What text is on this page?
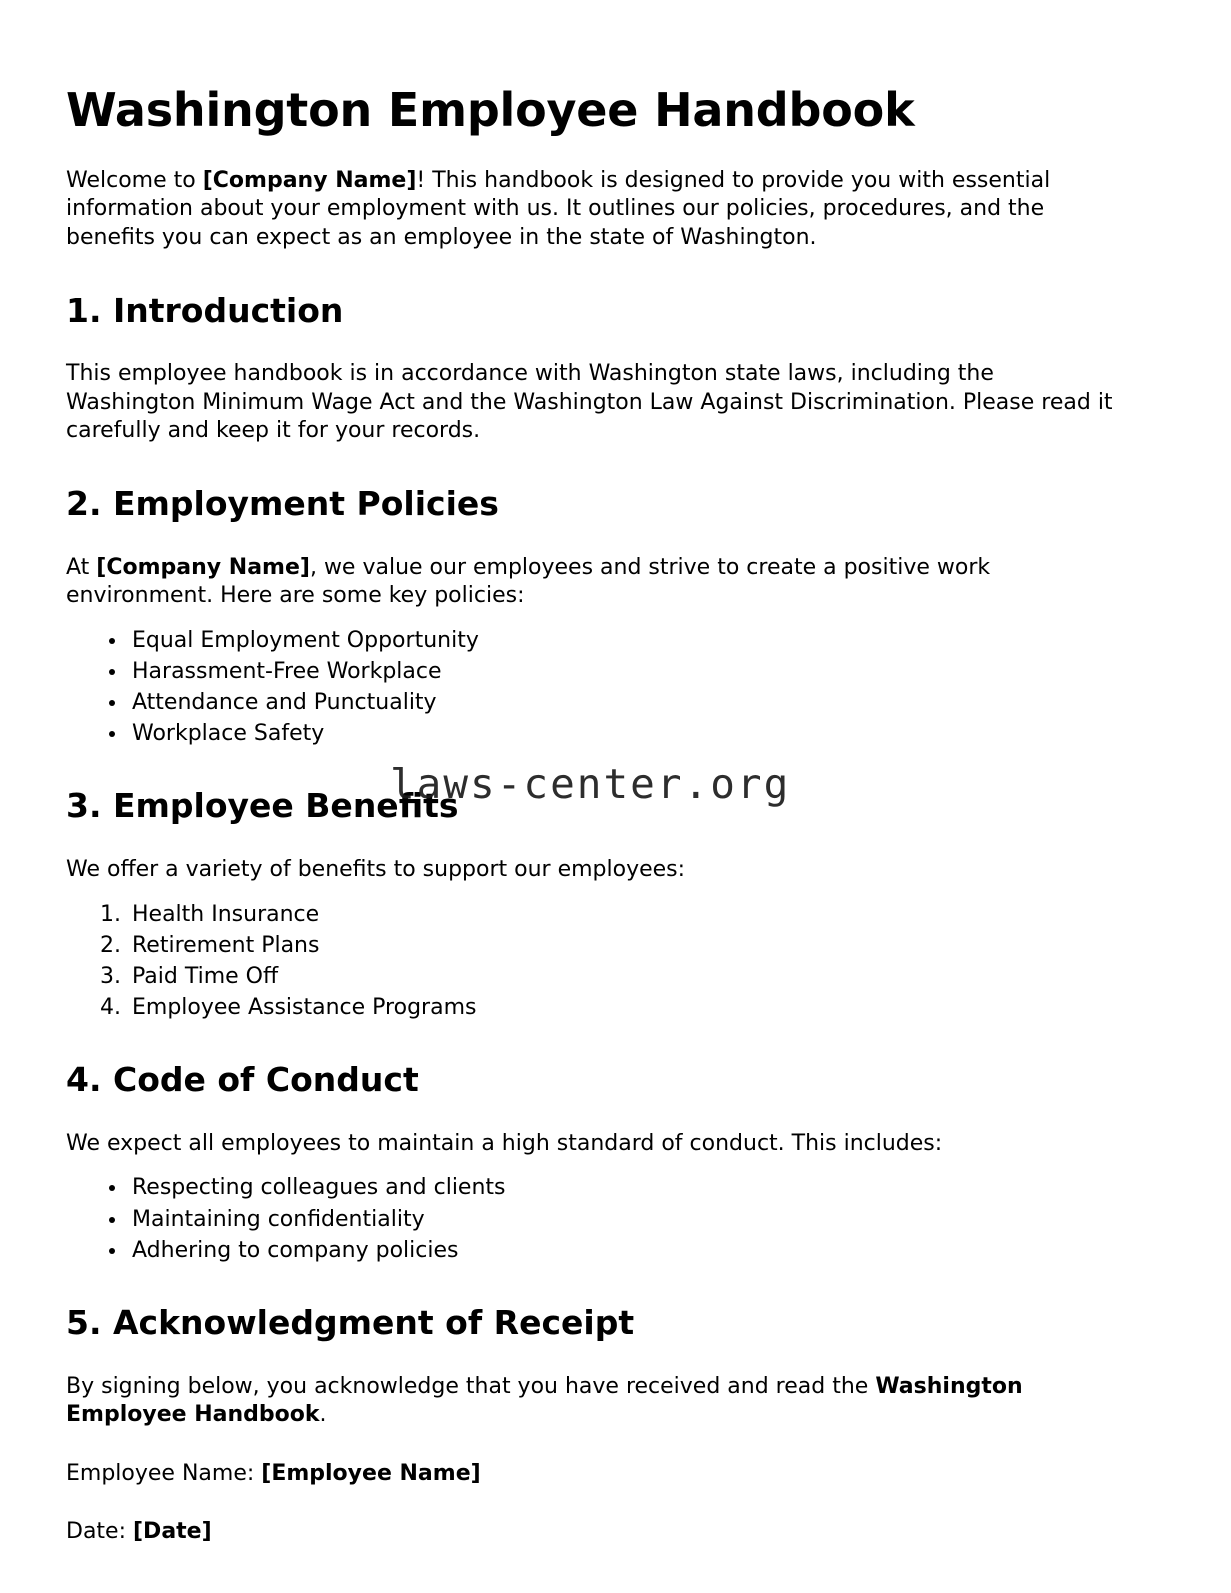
laws-center.org
Washington Employee Handbook

Welcome to [Company Name]! This handbook is designed to provide you with essential information about your employment with us. It outlines our policies, procedures, and the benefits you can expect as an employee in the state of Washington.

1. Introduction

This employee handbook is in accordance with Washington state laws, including the Washington Minimum Wage Act and the Washington Law Against Discrimination. Please read it carefully and keep it for your records.

2. Employment Policies

At [Company Name], we value our employees and strive to create a positive work environment. Here are some key policies:

• Equal Employment Opportunity
• Harassment-Free Workplace
• Attendance and Punctuality
• Workplace Safety
3. Employee Benefits

We offer a variety of benefits to support our employees:

1. Health Insurance
2. Retirement Plans
3. Paid Time Off
4. Employee Assistance Programs
4. Code of Conduct

We expect all employees to maintain a high standard of conduct. This includes:

• Respecting colleagues and clients
• Maintaining confidentiality
• Adhering to company policies
5. Acknowledgment of Receipt

By signing below, you acknowledge that you have received and read the Washington Employee Handbook.

Employee Name: [Employee Name]

Date: [Date]
